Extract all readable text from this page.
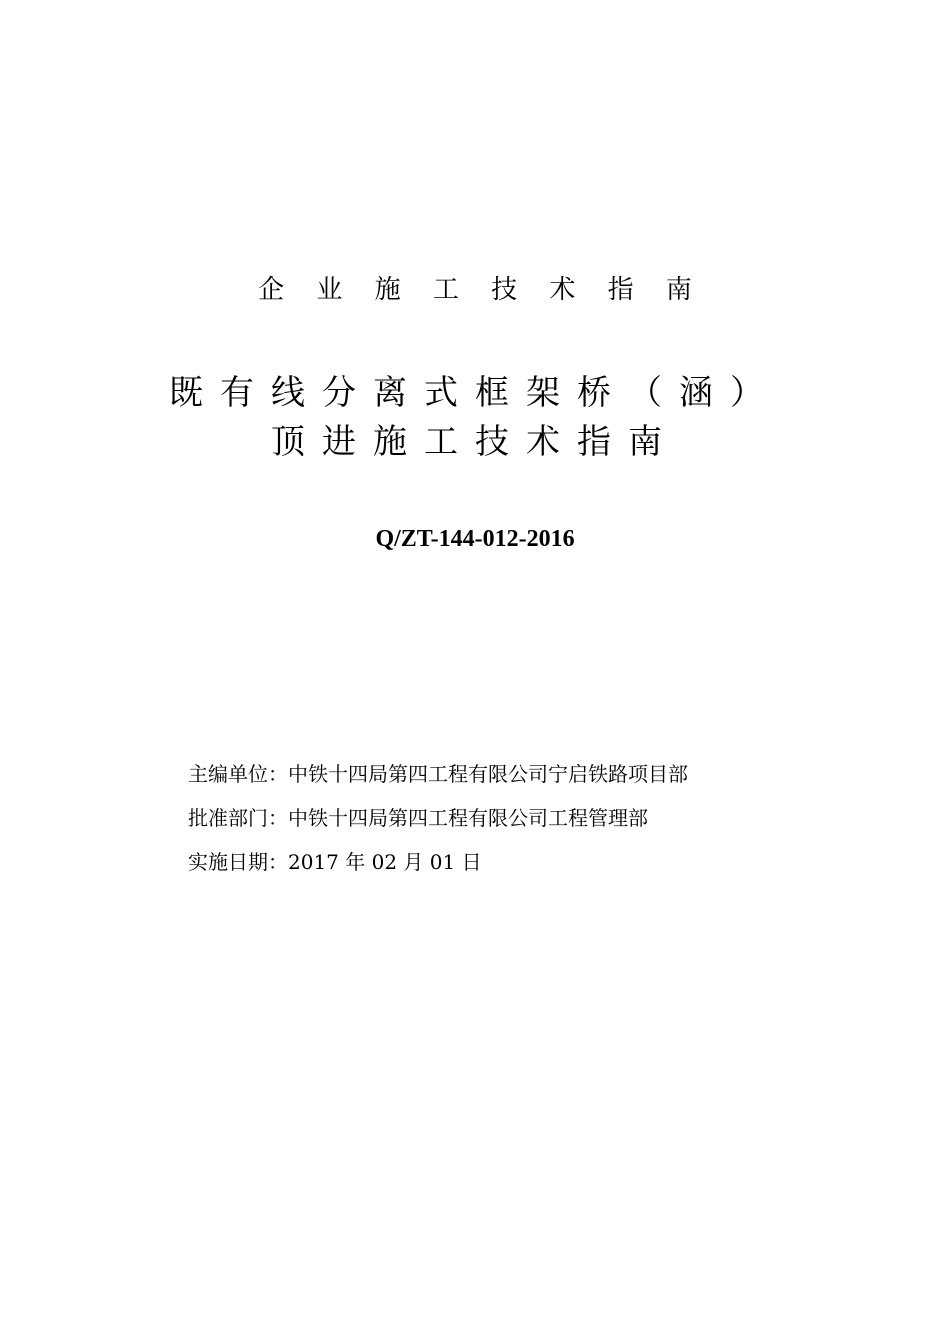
企 业 施 工 技 术 指 南
既有线分离式框架桥（涵）
顶进施工技术指南
Q/ZT-144-012-2016
主编单位：中铁十四局第四工程有限公司宁启铁路项目部
批准部门：中铁十四局第四工程有限公司工程管理部
实施日期：2017 年 02 月 01 日
